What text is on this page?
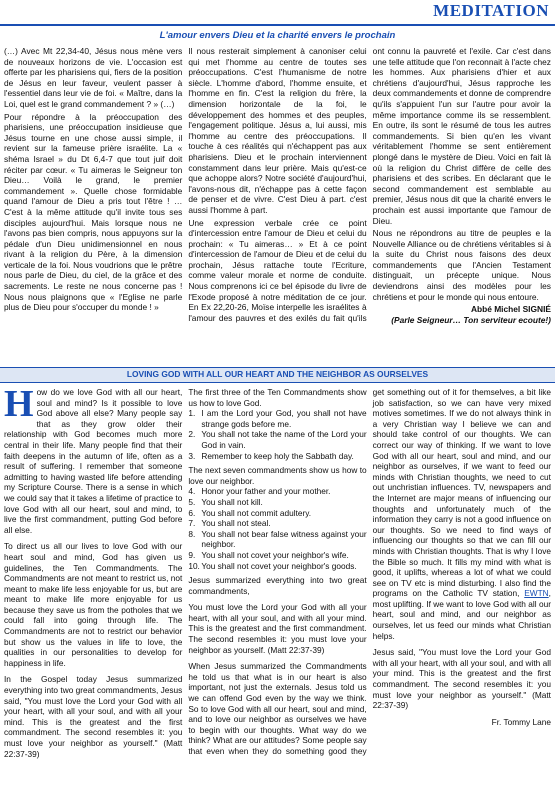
MEDITATION
L'amour envers Dieu et la charité envers le prochain

(…) Avec Mt 22,34-40, Jésus nous mène vers de nouveaux horizons de vie. L'occasion est offerte par les pharisiens qui, fiers de la position de Jésus en leur faveur, veulent passer à l'essentiel dans leur vie de foi. « Maître, dans la Loi, quel est le grand commandement ? » (…)

Pour répondre à la préoccupation des pharisiens, une préoccupation insidieuse que Jésus tourne en une chose aussi simple, il revient sur la fameuse prière israélite. La « shéma Israel » du Dt 6,4-7 que tout juif doit réciter par cœur. « Tu aimeras le Seigneur ton Dieu… Voilà le grand, le premier commandement ». Quelle chose formidable quand l'amour de Dieu a pris tout l'être ! … C'est à la même attitude qu'il invite tous ses disciples aujourd'hui. Mais lorsque nous ne l'avons pas bien compris, nous appuyons sur la pédale d'un Dieu unidimensionnel en nous rivant à la religion du Père, à la dimension verticale de la foi. Nous voudrions que le prêtre nous parle de Dieu, du ciel, de la grâce et des sacrements. Le reste ne nous concerne pas ! Nous nous plaignons que « l'Eglise ne parle plus de Dieu pour s'occuper du monde ! »

Il nous resterait simplement à canoniser celui qui met l'homme au centre de toutes ses préoccupations. C'est l'humanisme de notre siècle. L'homme d'abord, l'homme ensuite, et l'homme en fin. C'est la religion du frère, la dimension horizontale de la foi, le développement des hommes et des peuples, l'engagement politique. Jésus a, lui aussi, mis l'homme au centre des préoccupations. Il touche à ces réalités qui n'échappent pas aux pharisiens. Dieu et le prochain interviennent constamment dans leur prière. Mais qu'est-ce que achoppe alors? Notre société d'aujourd'hui, l'avons-nous dit, n'échappe pas à cette façon de penser et de vivre. C'est Dieu à part. c'est aussi l'homme à part.

Une expression verbale crée ce point d'intercession entre l'amour de Dieu et celui du prochain: « Tu aimeras… » Et à ce point d'intercession de l'amour de Dieu et de celui du prochain, Jésus rattache toute l'Ecriture, comme valeur morale et norme de conduite. Nous comprenons ici ce bel épisode du livre de l'Exode proposé à notre méditation de ce jour. En Ex 22,20-26, Moïse interpelle les israélites à l'amour des pauvres et des exilés du fait qu'ils ont connu la pauvreté et l'exile. Car c'est dans une telle attitude que l'on reconnait à l'acte chez les hommes. Aux pharisiens d'hier et aux chrétiens d'aujourd'hui, Jésus rapproche les deux commandements et donne de comprendre qu'ils s'appuient l'un sur l'autre pour avoir la même importance comme ils se ressemblent. En outre, ils sont le résumé de tous les autres commandements. Si bien qu'en les vivant véritablement l'homme se sent entièrement plongé dans le mystère de Dieu. Voici en fait là où la religion du Christ diffère de celle des pharisiens et des scribes. En déclarant que le second commandement est semblable au premier, Jésus nous dit que la charité envers le prochain est aussi importante que l'amour de Dieu.

Nous ne répondrons au titre de peuples e la Nouvelle Alliance ou de chrétiens véritables si à la suite du Christ nous faisons des deux commandements que l'Ancien Testament distinguait, un précepte unique. Nous deviendrons ainsi des modèles pour les chrétiens et pour le monde qui nous entoure.

Abbé Michel SIGNIÉ

(Parle Seigneur… Ton serviteur ecoute!)
LOVING GOD WITH ALL OUR HEART AND THE NEIGHBOR AS OURSELVES

How do we love God with all our heart, soul and mind? Is it possible to love God above all else? Many people say that as they grow older their relationship with God becomes much more central in their life. Many people find that their faith deepens in the autumn of life, often as a result of suffering. I remember that someone admitting to having wasted life before attending my Scripture Course. There is a sense in which we could say that it takes a lifetime of practice to love God with all our heart, soul and mind, to live the first commandment, putting God before all else.

To direct us all our lives to love God with our heart soul and mind, God has given us guidelines, the Ten Commandments. The Commandments are not meant to restrict us, not meant to make life less enjoyable for us, but are meant to make life more enjoyable for us because they save us from the potholes that we could fall into going through life. The Commandments are not to restrict our behavior but show us the values in life to love, the qualities in our personalities to develop for happiness in life.

In the Gospel today Jesus summarized everything into two great commandments, Jesus said, "You must love the Lord your God with all your heart, with all your soul, and with all your mind. This is the greatest and the first commandment. The second resembles it: you must love your neighbor as yourself." (Matt 22:37-39)

The first three of the Ten Commandments show us how to love God.

1. I am the Lord your God, you shall not have strange gods before me.
2. You shall not take the name of the Lord your God in vain.
3. Remember to keep holy the Sabbath day.

The next seven commandments show us how to love our neighbor.

4. Honor your father and your mother.
5. You shall not kill.
6. You shall not commit adultery.
7. You shall not steal.
8. You shall not bear false witness against your neighbor.
9. You shall not covet your neighbor's wife.
10. You shall not covet your neighbor's goods.

Jesus summarized everything into two great commandments,

You must love the Lord your God with all your heart, with all your soul, and with all your mind. This is the greatest and the first commandment. The second resembles it: you must love your neighbor as yourself. (Matt 22:37-39)

When Jesus summarized the Commandments he told us that what is in our heart is also important, not just the externals. Jesus told us we can offend God even by the way we think. So to love God with all our heart, soul and mind, and to love our neighbor as ourselves we have to begin with our thoughts. What way do we think? What are our attitudes? Some people say that even when they do something good they get something out of it for themselves, a bit like job satisfaction, so we can have very mixed motives sometimes. If we do not always think in a very Christian way I believe we can and should take control of our thoughts. We can correct our way of thinking. If we want to love God with all our heart, soul and mind, and our neighbor as ourselves, if we want to feed our minds with Christian thoughts, we need to cut out unchristian influences. TV, newspapers and the Internet are major means of influencing our thoughts and unfortunately much of the information they carry is not a good influence on our thoughts. So we need to find ways of influencing our thoughts so that we can fill our minds with Christian thoughts. That is why I love the Bible so much. It fills my mind with what is good, it uplifts, whereas a lot of what we could see on TV etc is mind disturbing. I also find the programs on the Catholic TV station, EWTN, most uplifting. If we want to love God with all our heart, soul and mind, and our neighbor as ourselves, let us feed our minds what Christian helps.

Jesus said, "You must love the Lord your God with all your heart, with all your soul, and with all your mind. This is the greatest and the first commandment. The second resembles it: you must love your neighbor as yourself." (Matt 22:37-39)

Fr. Tommy Lane
